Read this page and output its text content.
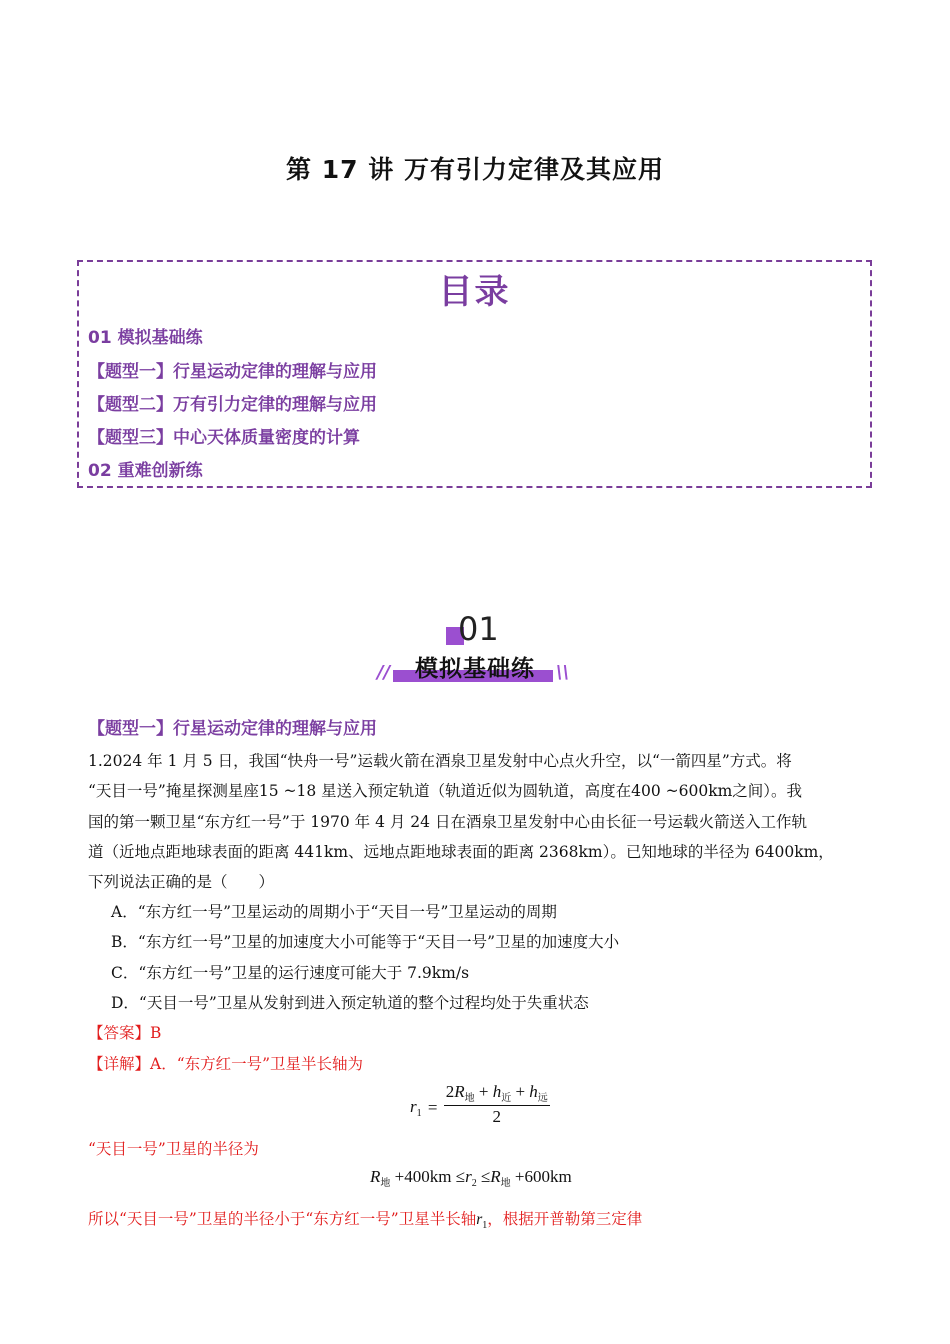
第 17 讲 万有引力定律及其应用
目录
01 模拟基础练
【题型一】行星运动定律的理解与应用
【题型二】万有引力定律的理解与应用
【题型三】中心天体质量密度的计算
02 重难创新练
01
模拟基础练
//	\\
【题型一】行星运动定律的理解与应用
1.2024 年 1 月 5 日，我国“快舟一号”运载火箭在酒泉卫星发射中心点火升空，以“一箭四星”方式。将
“天目一号”掩星探测星座15 ~18 星送入预定轨道（轨道近似为圆轨道，高度在400 ~600km之间）。我
国的第一颗卫星“东方红一号”于 1970 年 4 月 24 日在酒泉卫星发射中心由长征一号运载火箭送入工作轨
道（近地点距地球表面的距离 441km、远地点距地球表面的距离 2368km）。已知地球的半径为 6400km，
下列说法正确的是（　　）
A．“东方红一号”卫星运动的周期小于“天目一号”卫星运动的周期
B．“东方红一号”卫星的加速度大小可能等于“天目一号”卫星的加速度大小
C．“东方红一号”卫星的运行速度可能大于 7.9km/s
D．“天目一号”卫星从发射到进入预定轨道的整个过程均处于失重状态
【答案】B
【详解】A．“东方红一号”卫星半长轴为
$r_1$ =
$2R_地 + h_近 + h_远$
2
“天目一号”卫星的半径为
$R_地 +400km \le r_2 \le R_地 +600km$
所以“天目一号”卫星的半径小于“东方红一号”卫星半长轴$r_1$，根据开普勒第三定律
